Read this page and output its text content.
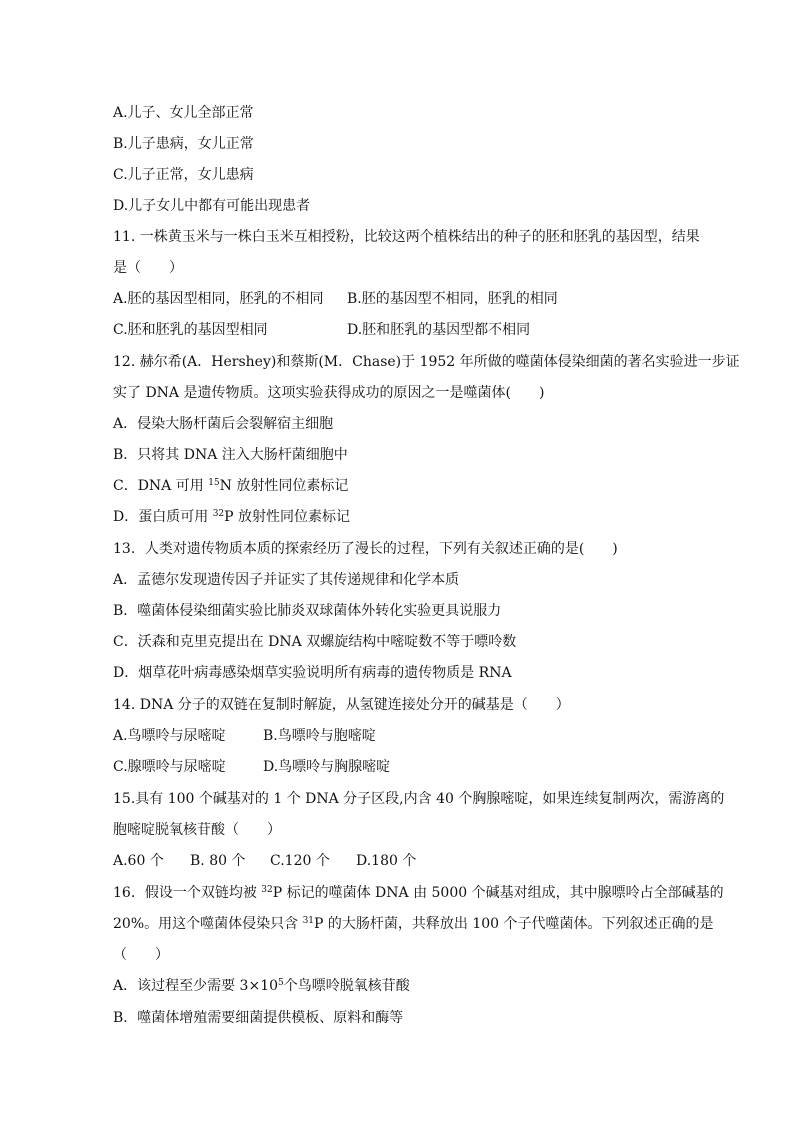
A.儿子、女儿全部正常
B.儿子患病，女儿正常
C.儿子正常，女儿患病
D.儿子女儿中都有可能出现患者
11. 一株黄玉米与一株白玉米互相授粉，比较这两个植株结出的种子的胚和胚乳的基因型，结果
是（　　）
A.胚的基因型相同，胚乳的不相同 B.胚的基因型不相同，胚乳的相同
C.胚和胚乳的基因型相同	D.胚和胚乳的基因型都不相同
12. 赫尔希(A．Hershey)和蔡斯(M．Chase)于 1952 年所做的噬菌体侵染细菌的著名实验进一步证
实了 DNA 是遗传物质。这项实验获得成功的原因之一是噬菌体(　　)
A．侵染大肠杆菌后会裂解宿主细胞
B．只将其 DNA 注入大肠杆菌细胞中
C．DNA 可用 $^{15}$N 放射性同位素标记
D．蛋白质可用 $^{32}$P 放射性同位素标记
13．人类对遗传物质本质的探索经历了漫长的过程，下列有关叙述正确的是(　　)
A．孟德尔发现遗传因子并证实了其传递规律和化学本质
B．噬菌体侵染细菌实验比肺炎双球菌体外转化实验更具说服力
C．沃森和克里克提出在 DNA 双螺旋结构中嘧啶数不等于嘌呤数
D．烟草花叶病毒感染烟草实验说明所有病毒的遗传物质是 RNA
14. DNA 分子的双链在复制时解旋，从氢键连接处分开的碱基是（　　）
A.鸟嘌呤与尿嘧啶	B.鸟嘌呤与胞嘧啶
C.腺嘌呤与尿嘧啶	D.鸟嘌呤与胸腺嘧啶
15.具有 100 个碱基对的 1 个 DNA 分子区段,内含 40 个胸腺嘧啶，如果连续复制两次，需游离的
胞嘧啶脱氧核苷酸（　　）
A.60 个 B. 80 个 C.120 个 D.180 个
16．假设一个双链均被 $^{32}$P 标记的噬菌体 DNA 由 5000 个碱基对组成，其中腺嘌呤占全部碱基的
20%。用这个噬菌体侵染只含 $^{31}$P 的大肠杆菌，共释放出 100 个子代噬菌体。下列叙述正确的是
（　　）
A．该过程至少需要 $3\times 10^5$个鸟嘌呤脱氧核苷酸
B．噬菌体增殖需要细菌提供模板、原料和酶等
